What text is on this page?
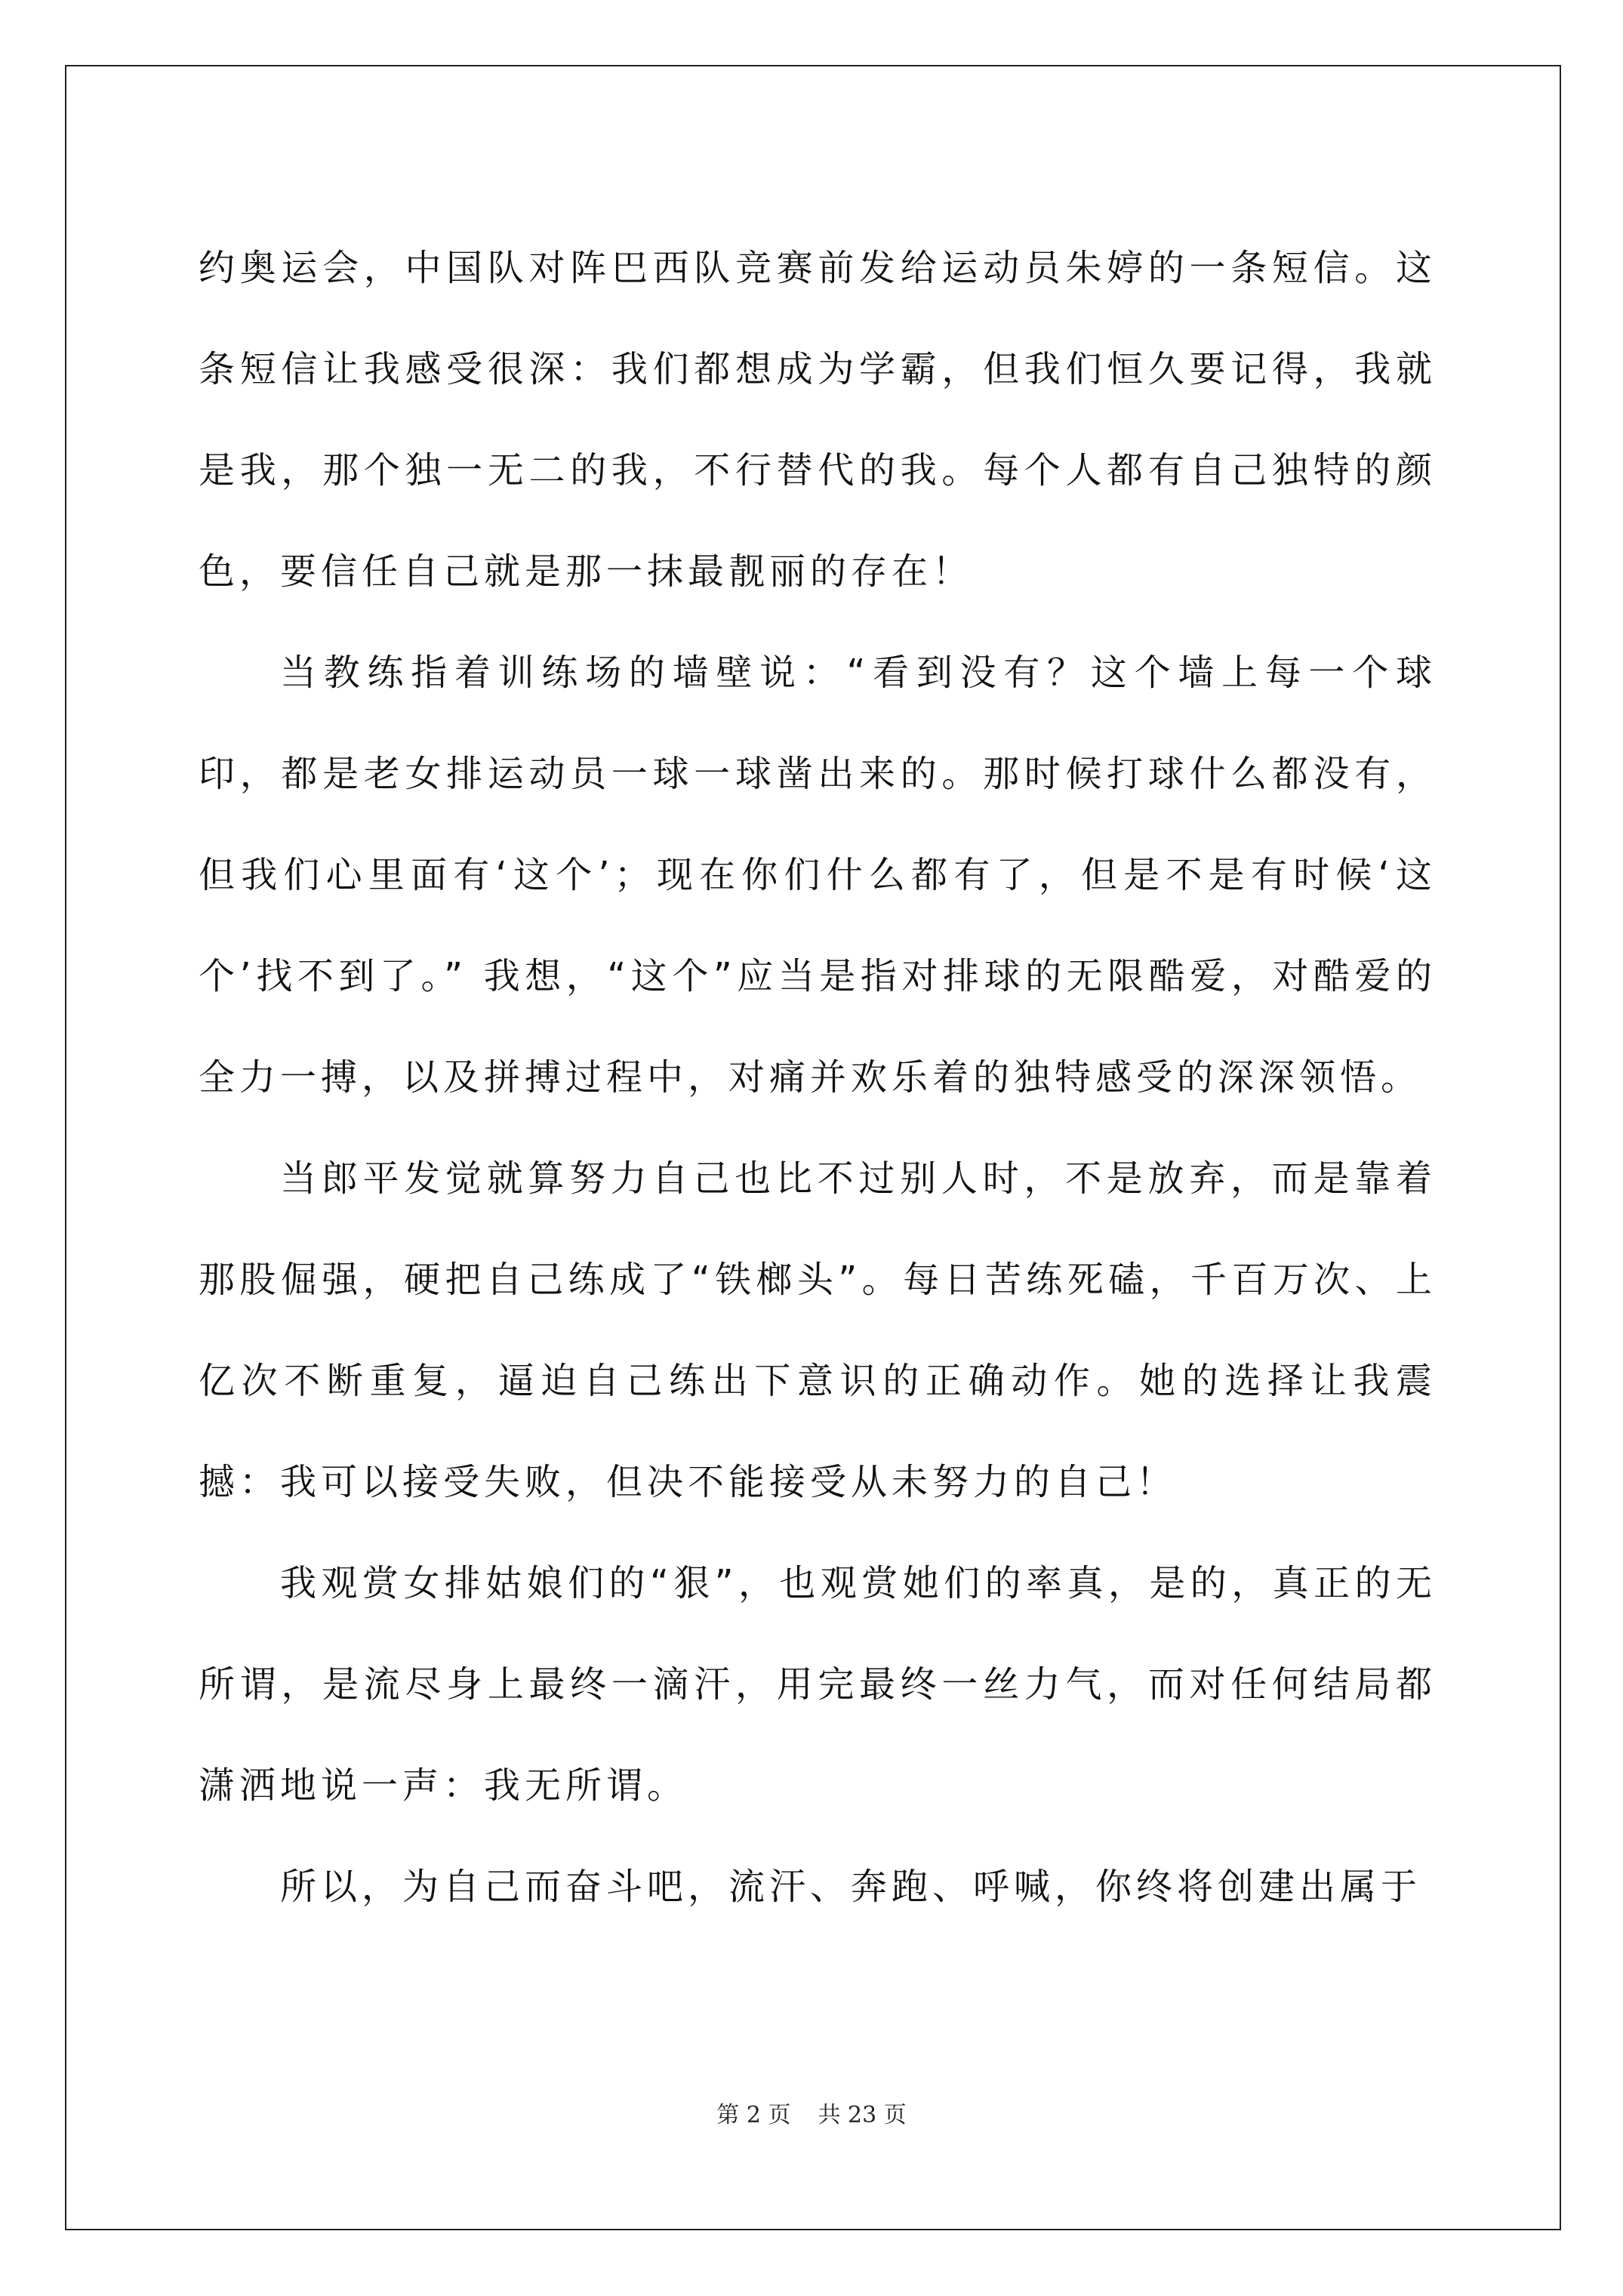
约奥运会，中国队对阵巴西队竞赛前发给运动员朱婷的一条短信。这条短信让我感受很深：我们都想成为学霸，但我们恒久要记得，我就是我，那个独一无二的我，不行替代的我。每个人都有自己独特的颜色，要信任自己就是那一抹最靓丽的存在！

当教练指着训练场的墙壁说：“看到没有？这个墙上每一个球印，都是老女排运动员一球一球凿出来的。那时候打球什么都没有，但我们心里面有‘这个’；现在你们什么都有了，但是不是有时候‘这个’找不到了。” 我想，“这个”应当是指对排球的无限酷爱，对酷爱的全力一搏，以及拼搏过程中，对痛并欢乐着的独特感受的深深领悟。

当郎平发觉就算努力自己也比不过别人时，不是放弃，而是靠着那股倔强，硬把自己练成了“铁榔头”。每日苦练死磕，千百万次、上亿次不断重复，逼迫自己练出下意识的正确动作。她的选择让我震撼：我可以接受失败，但决不能接受从未努力的自己！

我观赏女排姑娘们的“狠”，也观赏她们的率真，是的，真正的无所谓，是流尽身上最终一滴汗，用完最终一丝力气，而对任何结局都潇洒地说一声：我无所谓。

所以，为自己而奋斗吧，流汗、奔跑、呼喊，你终将创建出属于

第 2 页 共 23 页
